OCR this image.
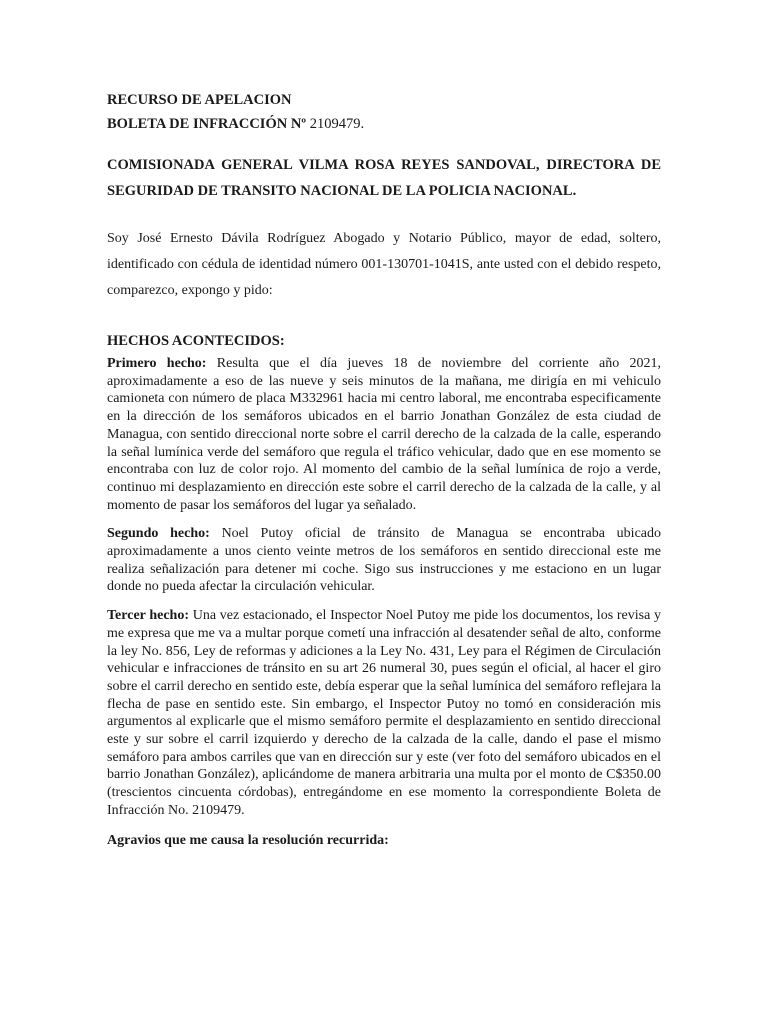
RECURSO DE APELACION

BOLETA DE INFRACCIÓN Nº 2109479.

COMISIONADA GENERAL VILMA ROSA REYES SANDOVAL, DIRECTORA DE SEGURIDAD DE TRANSITO NACIONAL DE LA POLICIA NACIONAL.

Soy José Ernesto Dávila Rodríguez Abogado y Notario Público, mayor de edad, soltero, identificado con cédula de identidad número 001-130701-1041S, ante usted con el debido respeto, comparezco, expongo y pido:

HECHOS ACONTECIDOS:

Primero hecho: Resulta que el día jueves 18 de noviembre del corriente año 2021, aproximadamente a eso de las nueve y seis minutos de la mañana, me dirigía en mi vehiculo camioneta con número de placa M332961 hacia mi centro laboral, me encontraba especificamente en la dirección de los semáforos ubicados en el barrio Jonathan González de esta ciudad de Managua, con sentido direccional norte sobre el carril derecho de la calzada de la calle, esperando la señal lumínica verde del semáforo que regula el tráfico vehicular, dado que en ese momento se encontraba con luz de color rojo. Al momento del cambio de la señal lumínica de rojo a verde, continuo mi desplazamiento en dirección este sobre el carril derecho de la calzada de la calle, y al momento de pasar los semáforos del lugar ya señalado.

Segundo hecho: Noel Putoy oficial de tránsito de Managua se encontraba ubicado aproximadamente a unos ciento veinte metros de los semáforos en sentido direccional este me realiza señalización para detener mi coche. Sigo sus instrucciones y me estaciono en un lugar donde no pueda afectar la circulación vehicular.

Tercer hecho: Una vez estacionado, el Inspector Noel Putoy me pide los documentos, los revisa y me expresa que me va a multar porque cometí una infracción al desatender señal de alto, conforme la ley No. 856, Ley de reformas y adiciones a la Ley No. 431, Ley para el Régimen de Circulación vehicular e infracciones de tránsito en su art 26 numeral 30, pues según el oficial, al hacer el giro sobre el carril derecho en sentido este, debía esperar que la señal lumínica del semáforo reflejara la flecha de pase en sentido este. Sin embargo, el Inspector Putoy no tomó en consideración mis argumentos al explicarle que el mismo semáforo permite el desplazamiento en sentido direccional este y sur sobre el carril izquierdo y derecho de la calzada de la calle, dando el pase el mismo semáforo para ambos carriles que van en dirección sur y este (ver foto del semáforo ubicados en el barrio Jonathan González), aplicándome de manera arbitraria una multa por el monto de C$350.00 (trescientos cincuenta córdobas), entregándome en ese momento la correspondiente Boleta de Infracción No. 2109479.

Agravios que me causa la resolución recurrida:
